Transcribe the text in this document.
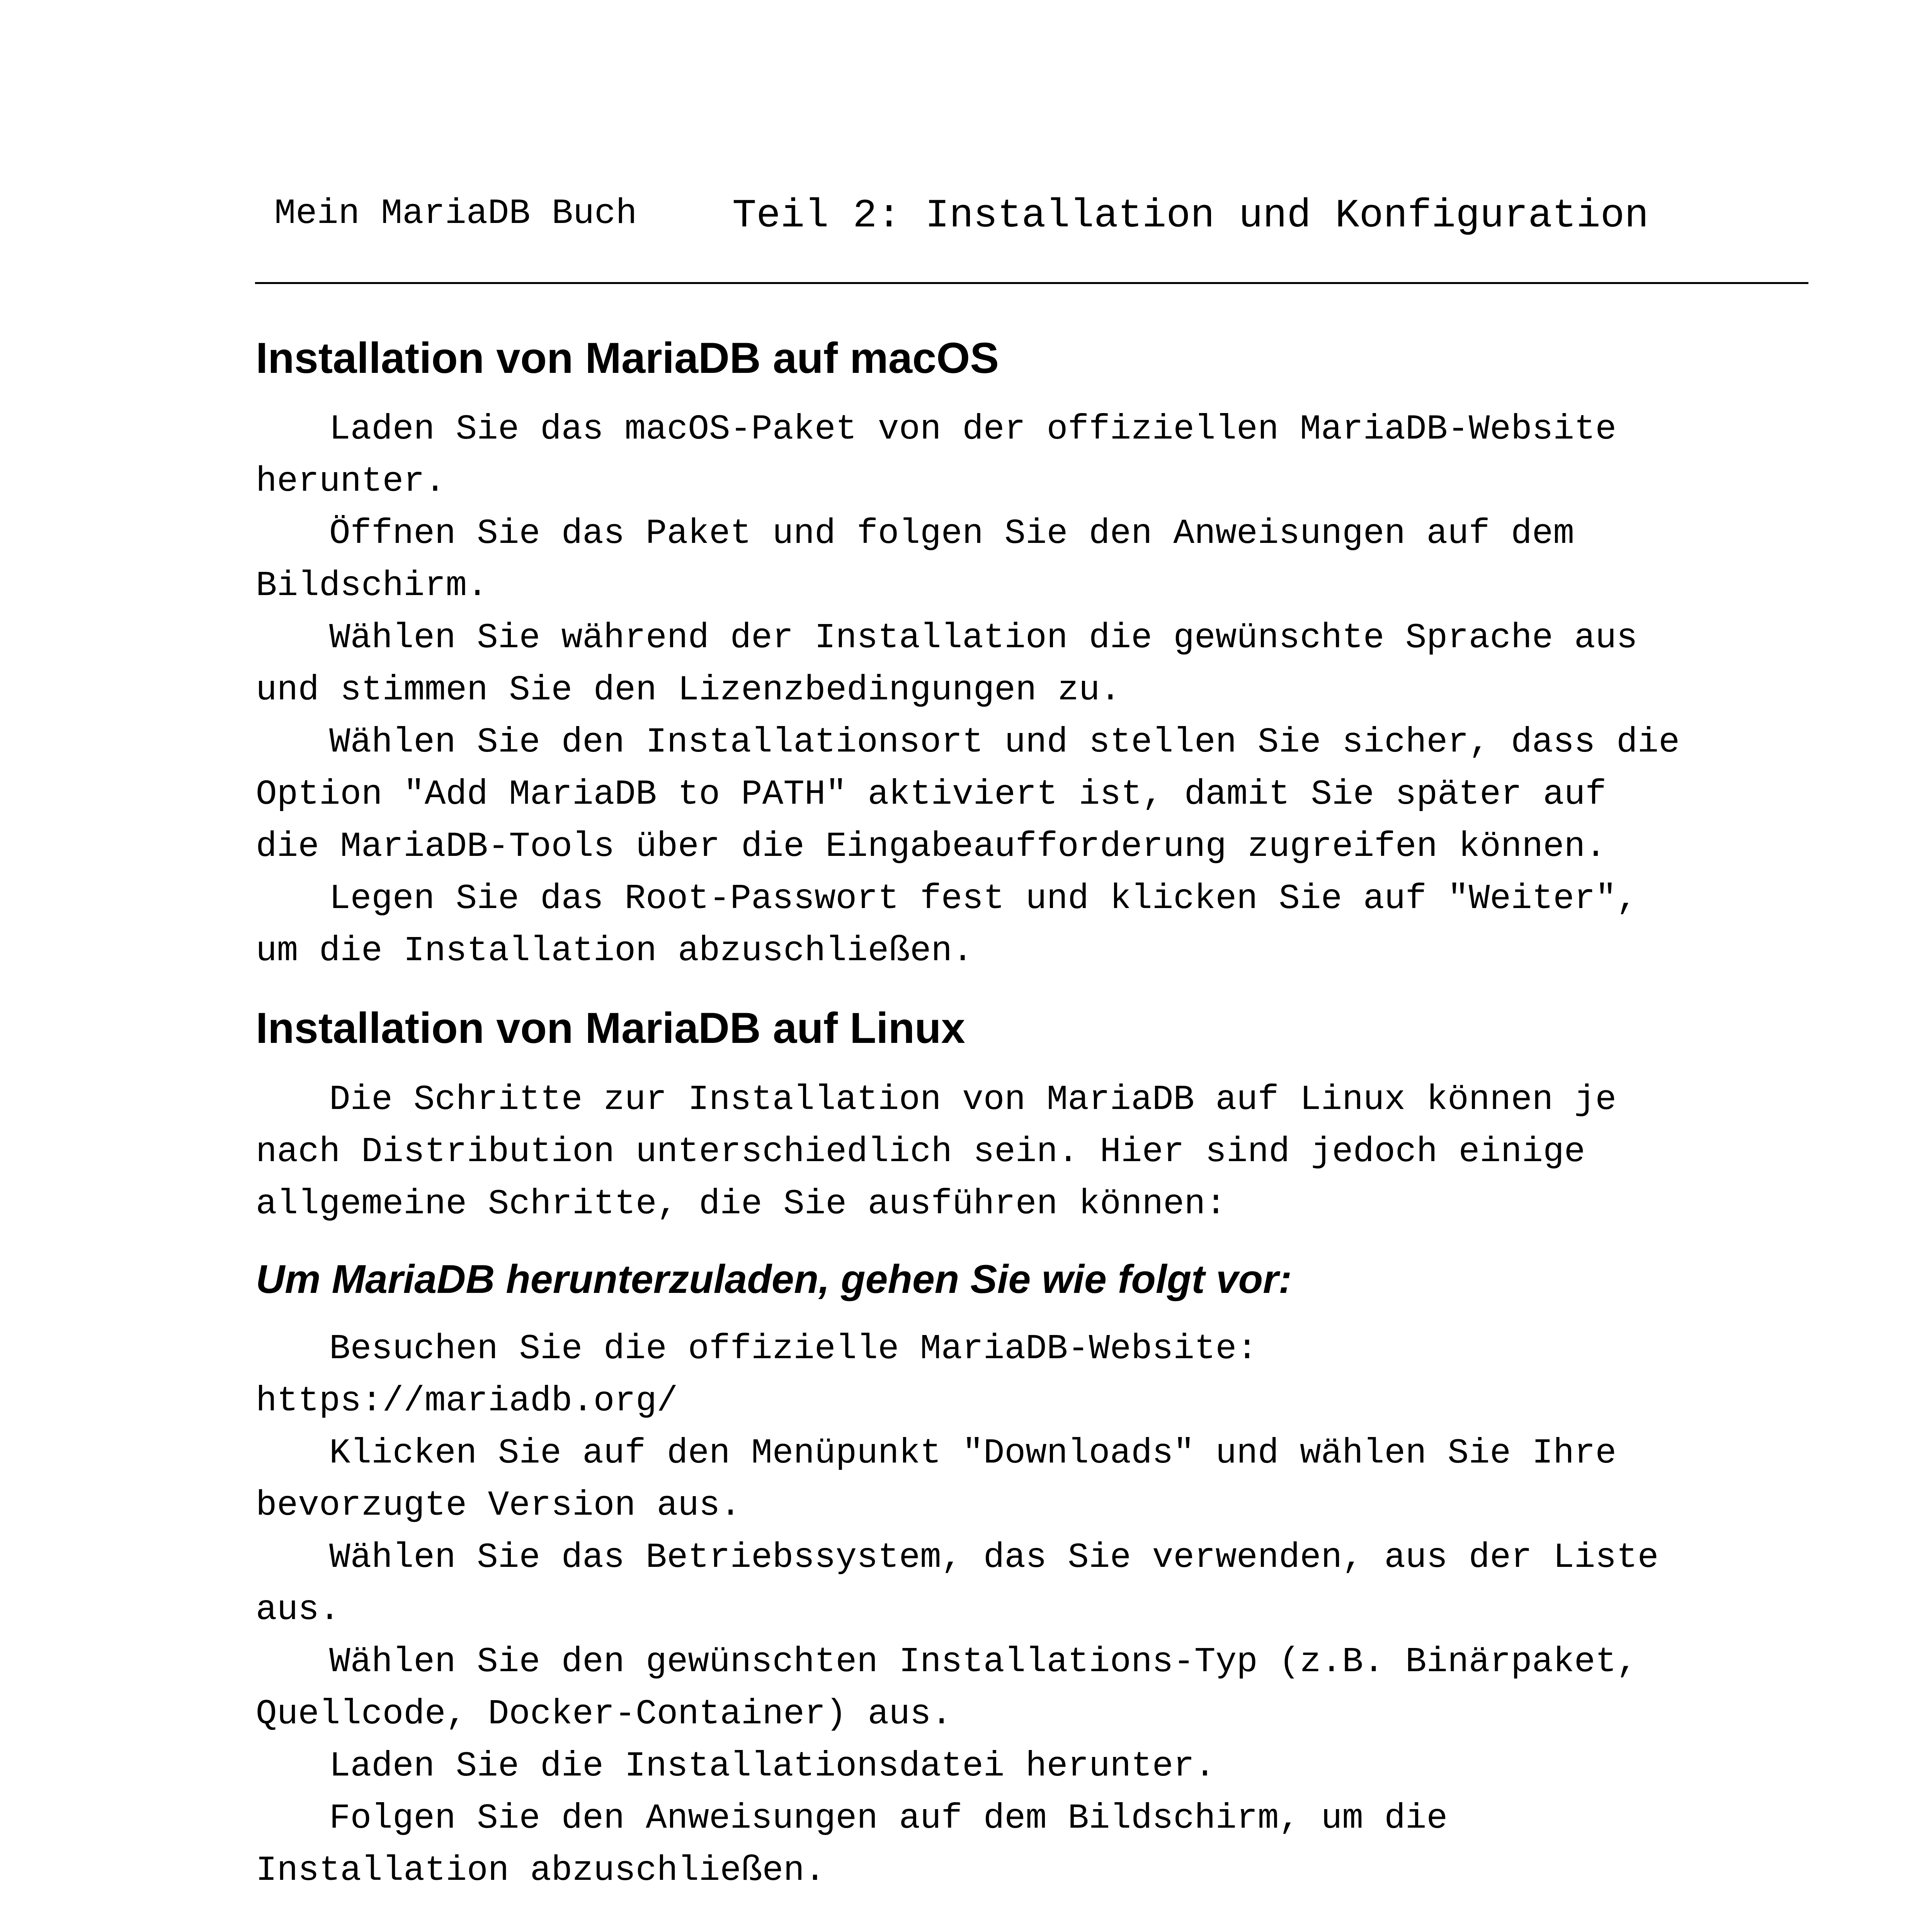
Mein MariaDB Buch Teil 2: Installation und Konfiguration
Installation von MariaDB auf macOS

Laden Sie das macOS-Paket von der offiziellen MariaDB-Website herunter.

Öffnen Sie das Paket und folgen Sie den Anweisungen auf dem Bildschirm.

Wählen Sie während der Installation die gewünschte Sprache aus und stimmen Sie den Lizenzbedingungen zu.

Wählen Sie den Installationsort und stellen Sie sicher, dass die Option "Add MariaDB to PATH" aktiviert ist, damit Sie später auf die MariaDB-Tools über die Eingabeaufforderung zugreifen können.

Legen Sie das Root-Passwort fest und klicken Sie auf "Weiter", um die Installation abzuschließen.

Installation von MariaDB auf Linux

Die Schritte zur Installation von MariaDB auf Linux können je nach Distribution unterschiedlich sein. Hier sind jedoch einige allgemeine Schritte, die Sie ausführen können:

Um MariaDB herunterzuladen, gehen Sie wie folgt vor:

Besuchen Sie die offizielle MariaDB-Website: https://mariadb.org/

Klicken Sie auf den Menüpunkt "Downloads" und wählen Sie Ihre bevorzugte Version aus.

Wählen Sie das Betriebssystem, das Sie verwenden, aus der Liste aus.

Wählen Sie den gewünschten Installations-Typ (z.B. Binärpaket, Quellcode, Docker-Container) aus.

Laden Sie die Installationsdatei herunter.

Folgen Sie den Anweisungen auf dem Bildschirm, um die Installation abzuschließen.
